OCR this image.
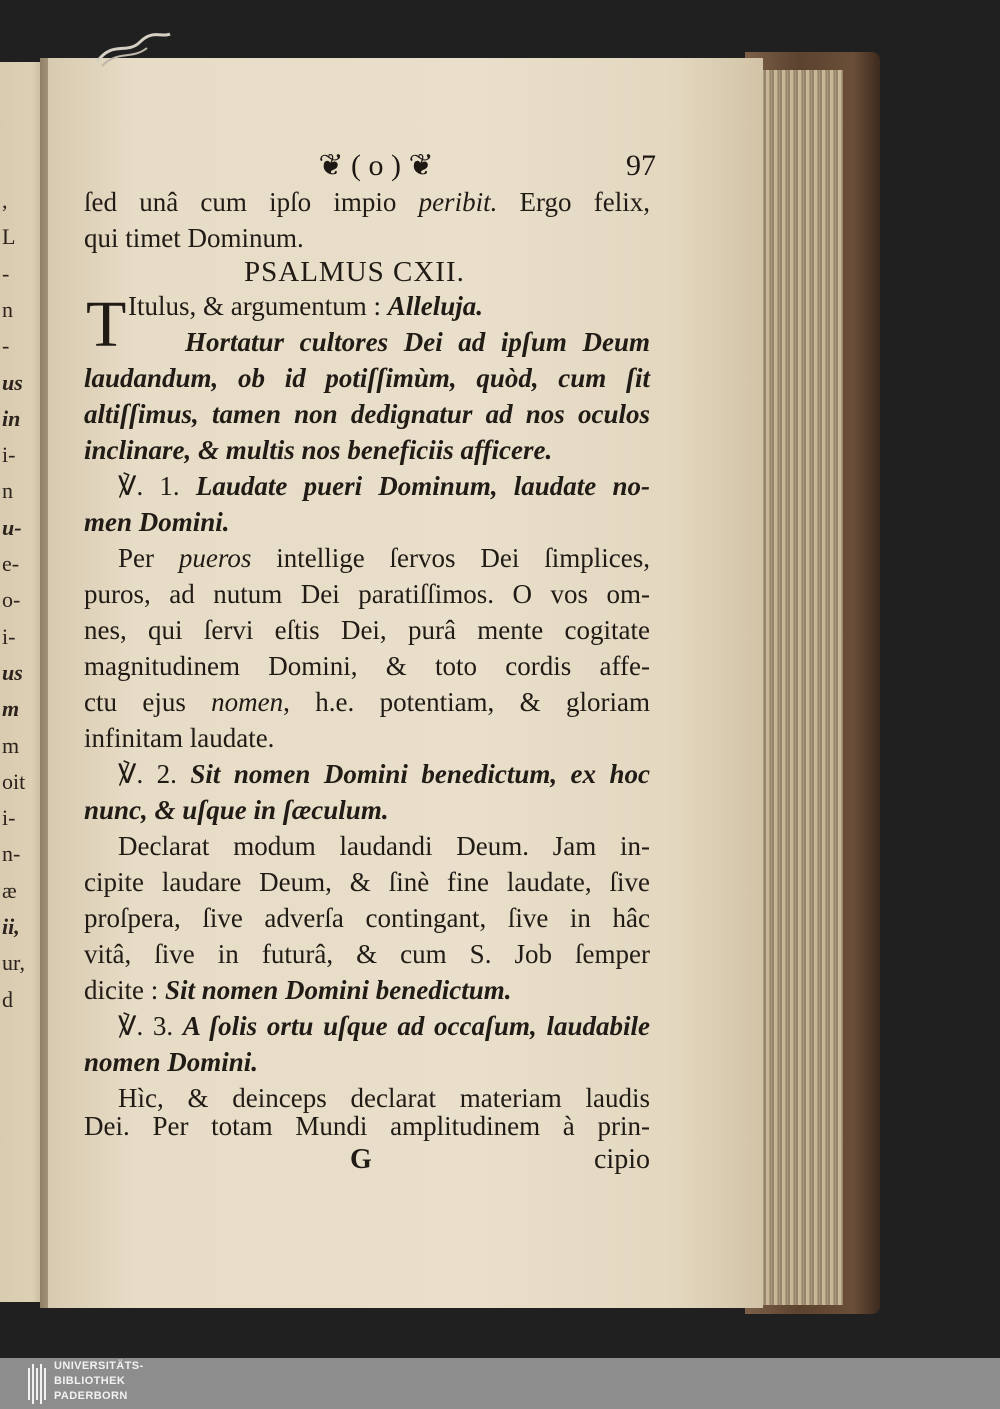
❦ ( o ) ❦	97
ſed unâ cum ipſo impio peribit. Ergo felix,
qui timet Dominum.
PSALMUS CXII.
T Itulus, & argumentum : Alleluja.
Hortatur cultores Dei ad ipſum Deum
laudandum, ob id potiſſimùm, quòd, cum ſit
altiſſimus, tamen non dedignatur ad nos oculos
inclinare, & multis nos beneficiis afficere.
℣. 1. Laudate pueri Dominum, laudate no-
men Domini.
Per pueros intellige ſervos Dei ſimplices,
puros, ad nutum Dei paratiſſimos. O vos om-
nes, qui ſervi eſtis Dei, purâ mente cogitate
magnitudinem Domini, & toto cordis affe-
ctu ejus nomen, h.e. potentiam, & gloriam
infinitam laudate.
℣. 2. Sit nomen Domini benedictum, ex hoc
nunc, & uſque in ſæculum.
Declarat modum laudandi Deum. Jam in-
cipite laudare Deum, & ſinè fine laudate, ſive
proſpera, ſive adverſa contingant, ſive in hâc
vitâ, ſive in futurâ, & cum S. Job ſemper
dicite : Sit nomen Domini benedictum.
℣. 3. A ſolis ortu uſque ad occaſum, laudabile
nomen Domini.
Hìc, & deinceps declarat materiam laudis
Dei. Per totam Mundi amplitudinem à prin-
G	cipio
,
L
-
n
-
us
in
i-
n
u-
e-
o-
i-
us
m
m
oit
i-
n-
æ
ii,
ur,
d
UNIVERSITÄTS-
BIBLIOTHEK
PADERBORN
